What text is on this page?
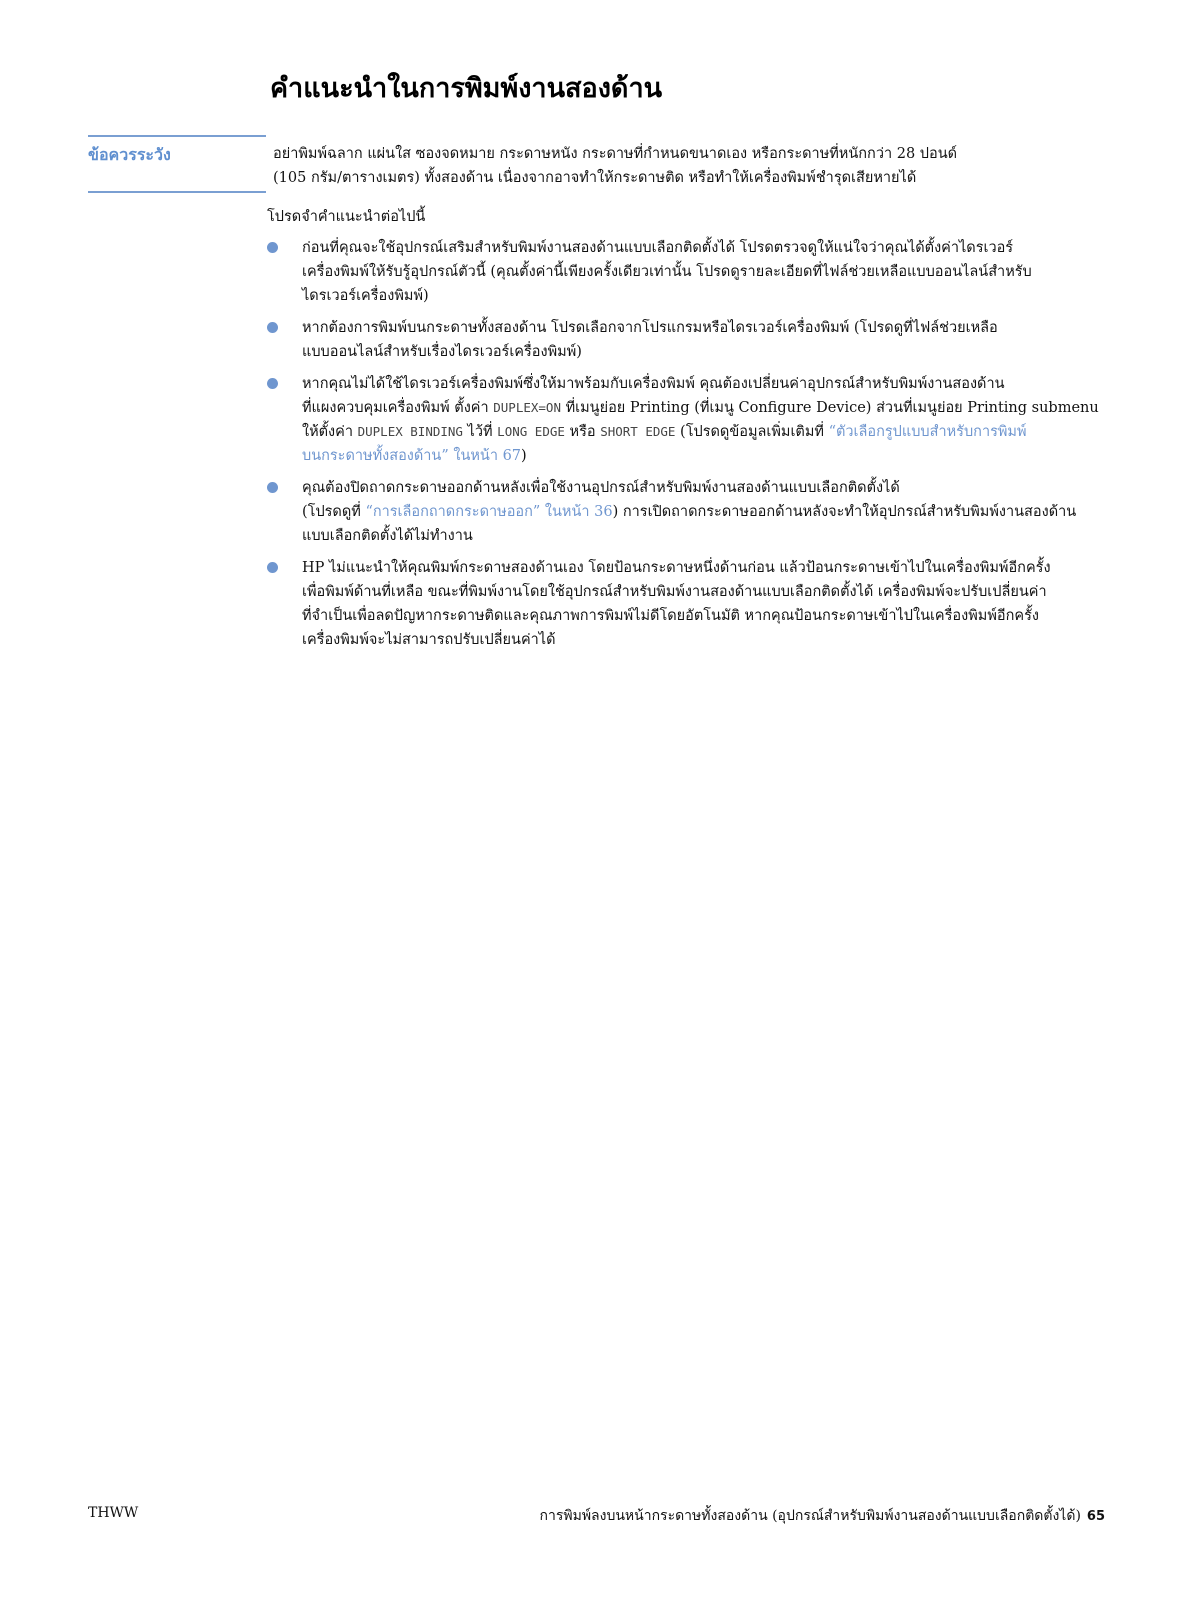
คำแนะนำในการพิมพ์งานสองด้าน
ข้อควรระวัง	อย่าพิมพ์ฉลาก แผ่นใส ซองจดหมาย กระดาษหนัง กระดาษที่กำหนดขนาดเอง หรือกระดาษที่หนักกว่า 28 ปอนด์
(105 กรัม/ตารางเมตร) ทั้งสองด้าน เนื่องจากอาจทำให้กระดาษติด หรือทำให้เครื่องพิมพ์ชำรุดเสียหายได้

โปรดจำคำแนะนำต่อไปนี้

ก่อนที่คุณจะใช้อุปกรณ์เสริมสำหรับพิมพ์งานสองด้านแบบเลือกติดตั้งได้ โปรดตรวจดูให้แน่ใจว่าคุณได้ตั้งค่าไดรเวอร์
เครื่องพิมพ์ให้รับรู้อุปกรณ์ตัวนี้ (คุณตั้งค่านี้เพียงครั้งเดียวเท่านั้น โปรดดูรายละเอียดที่ไฟล์ช่วยเหลือแบบออนไลน์สำหรับ
ไดรเวอร์เครื่องพิมพ์)
หากต้องการพิมพ์บนกระดาษทั้งสองด้าน โปรดเลือกจากโปรแกรมหรือไดรเวอร์เครื่องพิมพ์ (โปรดดูที่ไฟล์ช่วยเหลือ
แบบออนไลน์สำหรับเรื่องไดรเวอร์เครื่องพิมพ์)
หากคุณไม่ได้ใช้ไดรเวอร์เครื่องพิมพ์ซึ่งให้มาพร้อมกับเครื่องพิมพ์ คุณต้องเปลี่ยนค่าอุปกรณ์สำหรับพิมพ์งานสองด้าน
ที่แผงควบคุมเครื่องพิมพ์ ตั้งค่า DUPLEX=ON ที่เมนูย่อย Printing (ที่เมนู Configure Device) ส่วนที่เมนูย่อย Printing submenu
ให้ตั้งค่า DUPLEX BINDING ไว้ที่ LONG EDGE หรือ SHORT EDGE (โปรดดูข้อมูลเพิ่มเติมที่ “ตัวเลือกรูปแบบสำหรับการพิมพ์
บนกระดาษทั้งสองด้าน” ในหน้า 67)
คุณต้องปิดถาดกระดาษออกด้านหลังเพื่อใช้งานอุปกรณ์สำหรับพิมพ์งานสองด้านแบบเลือกติดตั้งได้
(โปรดดูที่ “การเลือกถาดกระดาษออก” ในหน้า 36) การเปิดถาดกระดาษออกด้านหลังจะทำให้อุปกรณ์สำหรับพิมพ์งานสองด้าน
แบบเลือกติดตั้งได้ไม่ทำงาน
HP ไม่แนะนำให้คุณพิมพ์กระดาษสองด้านเอง โดยป้อนกระดาษหนึ่งด้านก่อน แล้วป้อนกระดาษเข้าไปในเครื่องพิมพ์อีกครั้ง
เพื่อพิมพ์ด้านที่เหลือ ขณะที่พิมพ์งานโดยใช้อุปกรณ์สำหรับพิมพ์งานสองด้านแบบเลือกติดตั้งได้ เครื่องพิมพ์จะปรับเปลี่ยนค่า
ที่จำเป็นเพื่อลดปัญหากระดาษติดและคุณภาพการพิมพ์ไม่ดีโดยอัตโนมัติ หากคุณป้อนกระดาษเข้าไปในเครื่องพิมพ์อีกครั้ง
เครื่องพิมพ์จะไม่สามารถปรับเปลี่ยนค่าได้

THWW	การพิมพ์ลงบนหน้ากระดาษทั้งสองด้าน (อุปกรณ์สำหรับพิมพ์งานสองด้านแบบเลือกติดตั้งได้) 65
